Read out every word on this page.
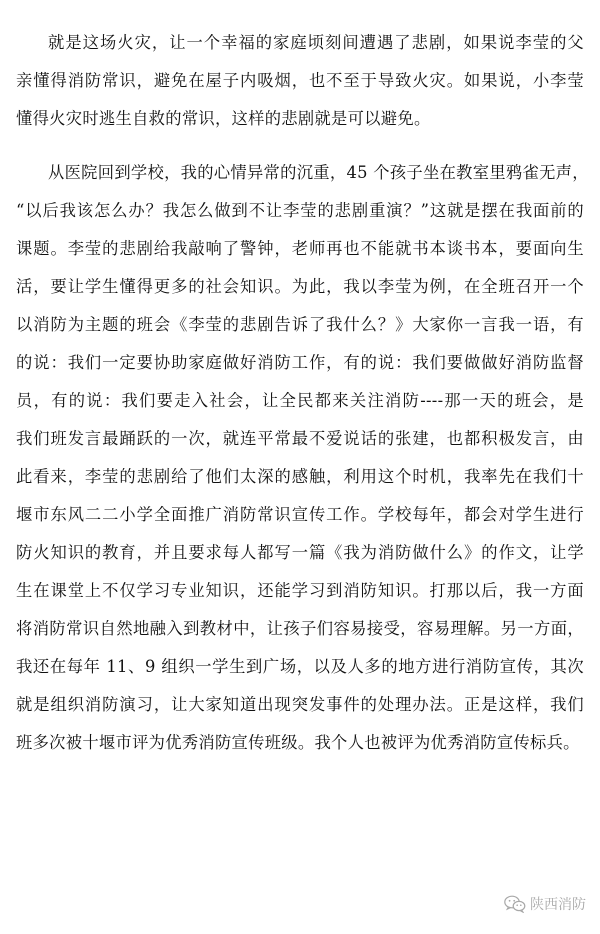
就是这场火灾，让一个幸福的家庭顷刻间遭遇了悲剧，如果说李莹的父
亲懂得消防常识，避免在屋子内吸烟，也不至于导致火灾。如果说，小李莹
懂得火灾时逃生自救的常识，这样的悲剧就是可以避免。
从医院回到学校，我的心情异常的沉重，45 个孩子坐在教室里鸦雀无声，
“以后我该怎么办？我怎么做到不让李莹的悲剧重演？”这就是摆在我面前的
课题。李莹的悲剧给我敲响了警钟，老师再也不能就书本谈书本，要面向生
活，要让学生懂得更多的社会知识。为此，我以李莹为例，在全班召开一个
以消防为主题的班会《李莹的悲剧告诉了我什么？》大家你一言我一语，有
的说：我们一定要协助家庭做好消防工作，有的说：我们要做做好消防监督
员，有的说：我们要走入社会，让全民都来关注消防----那一天的班会，是
我们班发言最踊跃的一次，就连平常最不爱说话的张建，也都积极发言，由
此看来，李莹的悲剧给了他们太深的感触，利用这个时机，我率先在我们十
堰市东风二二小学全面推广消防常识宣传工作。学校每年，都会对学生进行
防火知识的教育，并且要求每人都写一篇《我为消防做什么》的作文，让学
生在课堂上不仅学习专业知识，还能学习到消防知识。打那以后，我一方面
将消防常识自然地融入到教材中，让孩子们容易接受，容易理解。另一方面，
我还在每年 11、9 组织一学生到广场，以及人多的地方进行消防宣传，其次
就是组织消防演习，让大家知道出现突发事件的处理办法。正是这样，我们
班多次被十堰市评为优秀消防宣传班级。我个人也被评为优秀消防宣传标兵。
陕西消防
